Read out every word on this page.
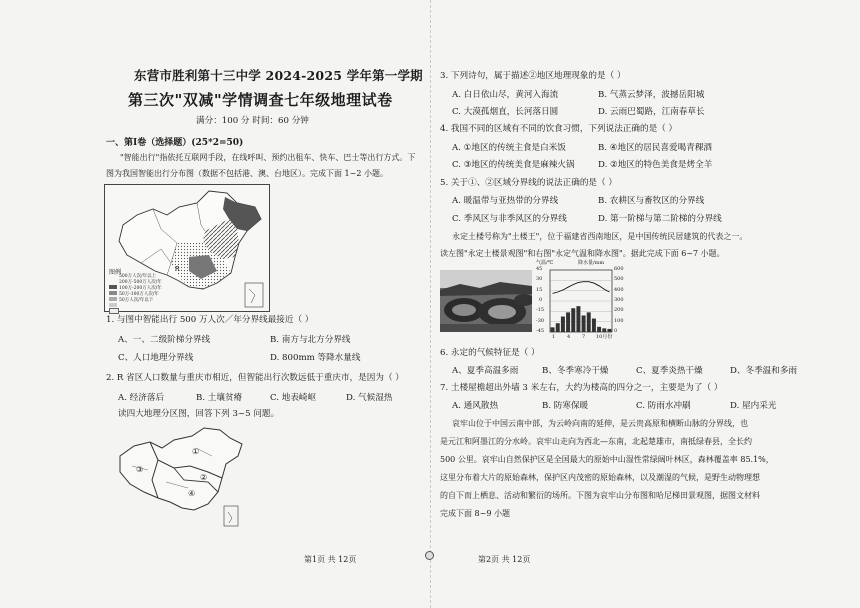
东营市胜利第十三中学 2024-2025 学年第一学期
第三次"双减"学情调查七年级地理试卷
满分：100 分 时间：60 分钟
一、第Ⅰ卷（选择题）(25*2=50)
"智能出行"指依托互联网手段，在线呼叫、预约出租车、快车、巴士等出行方式。下
图为我国智能出行分布图（数据不包括港、澳、台地区）。完成下面 1~2 小题。
R
图例
500万人次/年以上
200万-500万人次/年
100万-200万人次/年
50万-100万人次/年
50万人次/年以下
1. 与图中智能出行 500 万人次／年分界线最接近（ ）
A、一、二级阶梯分界线	B. 南方与北方分界线
C、人口地理分界线	D. 800mm 等降水量线
2. R 省区人口数量与重庆市相近，但智能出行次数远低于重庆市，是因为（ ）
A. 经济落后	B. 土壤贫瘠	C. 地表崎岖	D. 气候湿热
读四大地理分区图，回答下列 3~5 问题。
①
②
③
④
第1页 共 12页
3. 下列诗句，属于描述②地区地理现象的是（ ）
A. 白日依山尽，黄河入海流	B. 气蒸云梦泽，波撼岳阳城
C. 大漠孤烟直，长河落日圆	D. 云雨巴蜀路，江南春草长
4. 我国不同的区域有不同的饮食习惯，下列说法正确的是（ ）
A. ①地区的传统主食是白米饭	B. ④地区的居民喜爱喝青稞酒
C. ③地区的传统美食是麻辣火锅	D. ②地区的特色美食是烤全羊
5. 关于①、②区域分界线的说法正确的是（ ）
A. 暖温带与亚热带的分界线	B. 农耕区与畜牧区的分界线
C. 季风区与非季风区的分界线	D. 第一阶梯与第二阶梯的分界线
永定土楼号称为"土楼王"，位于福建省西南地区，是中国传统民居建筑的代表之一。
读左图"永定土楼景观图"和右图"永定气温和降水图"。据此完成下面 6~7 小题。
气温/℃	降水量/mm
45
30
15
0
-15
-30
-45
600
500
400
300
200
100
0
1 4 7 10月份
6. 永定的气候特征是（ ）
A、夏季高温多雨	B、冬季寒冷干燥	C、夏季炎热干燥	D、冬季温和多雨
7. 土楼屋檐超出外墙 3 米左右，大约为楼高的四分之一，主要是为了（ ）
A. 通风散热	B. 防寒保暖	C. 防雨水冲刷	D. 屋内采光
哀牢山位于中国云南中部，为云岭向南的延伸，是云贵高原和横断山脉的分界线，也
是元江和阿墨江的分水岭。哀牢山走向为西北—东南，北起楚雄市，南抵绿春县，全长约
500 公里。哀牢山自然保护区是全国最大的原始中山湿性常绿阔叶林区，森林覆盖率 85.1%，
这里分布着大片的原始森林，保护区内茂密的原始森林，以及潮湿的气候，是野生动物理想
的自下而上栖息、活动和繁衍的场所。下图为哀牢山分布图和哈尼梯田景观图，据图文材料
完成下面 8~9 小题
第2页 共 12页
